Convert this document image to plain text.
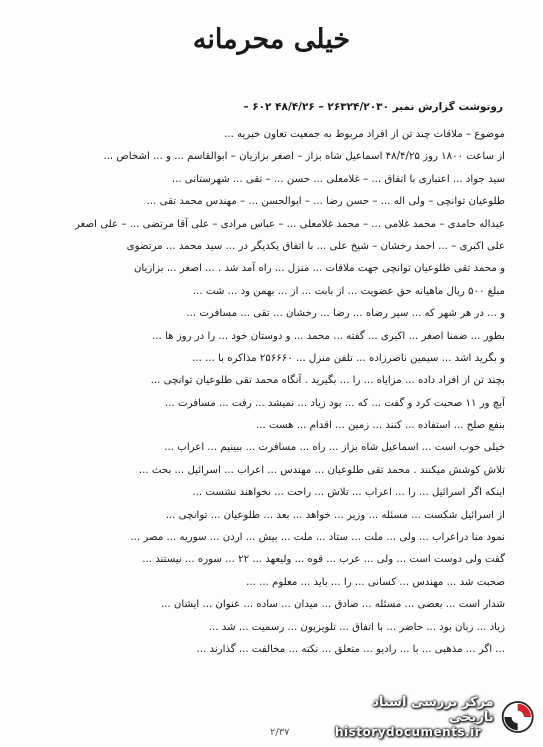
خیلی محرمانه
روتوشت گزارش نمبر ۲۶۳۲۴/۲۰۳۰ – ۴۸/۴/۲۶ ۶۰۲ –
موضوع – ملاقات چند تن از افراد مربوط به جمعیت تعاون خیریه ...
از ساعت ۱۸۰۰ روز ۴۸/۴/۲۵ اسماعیل شاه بزاز – اصغر بزازیان – ابوالقاسم ... و ... اشخاص ...
سید جواد ... اعتباری با اتفاق ... – غلامعلی ... حسن ... – تقی ... شهرستانی ...
طلوعیان توانچی – ولی اله ... – حسن رضا ... – ابوالحسن ... – مهندس محمد تقی ...
عبداله حامدی – محمد غلامی ... – محمد غلامعلی ... – عباس مرادی – علی آقا مرتضی ... – علی اصغر
علی اکبری – ... احمد رخشان – شیخ علی ... با اتفاق یکدیگر در ... سید محمد ... مرتضوی
و محمد تقی طلوعیان توانچی جهت ملاقات ... منزل ... راه آمد شد . ... اصغر ... بزازیان
مبلغ ۵۰۰ ریال ماهیانه حق عضویت ... از بابت ... از ... بهمن ود ... شت ...
و ... در هر شهر که ... سیر رضاه ... رضا ... رخشان ... تقی ... مسافرت ...
بطور ... ضمنا اصغر ... اکبری ... گفته ... محمد ... و دوستان خود ... را در روز ها ...
و بگرید اشد ... سیمین ناصرزاده ... تلفن منزل ... ۲۵۶۶۶۰ مذاکره با ... ...
بچند تن از افراد داده ... مزایاه ... را ... بگیرید . آنگاه محمد تقی طلوعیان توانچی ...
آیچ ور ۱۱ صحبت کرد و گفت ... که ... بود زیاد ... نمیشد ... رفت ... مسافرت ...
بنفع صلح ... استفاده ... کنند ... زمین ... اقدام ... هست ...
خیلی خوب است ... اسماعیل شاه بزاز ... راه ... مسافرت ... ببینیم ... اعراب ...
تلاش کوشش میکنند . محمد تقی طلوعیان ... مهندس ... اعراب ... اسرائیل ... بحث ...
اینکه اگر اسرائیل ... را ... اعراب ... تلاش ... راحت ... نخواهند نشست ...
از اسرائیل شکست ... مسئله ... وزیر ... خواهد ... بعد ... طلوعیان ... توانچی ...
نمود منا دراعراب ... ولی ... ملت ... ستاد ... ملت ... بیش ... اردن ... سوریه ... مصر ...
گفت ولی دوست است ... ولی ... عرب ... قوه ... ولیعهد ... ۲۲ ... سوره ... نیستند ...
صحبت شد ... مهندس ... کسانی ... را ... باید ... معلوم ... ...
شدار است ... بعضی ... مسئله ... صادق ... میدان ... ساده ... عنوان ... ایشان ...
زیاد ... زبان بود ... حاضر ... با اتفاق ... تلویزیون ... رسمیت ... شد ...
... اگر ... مذهبی ... با ... رادیو ... متعلق ... نکته ... مخالفت ... گذارند ...
۲/۳۷
مرکز بررسی اسناد تاریخی
historydocuments.ir
